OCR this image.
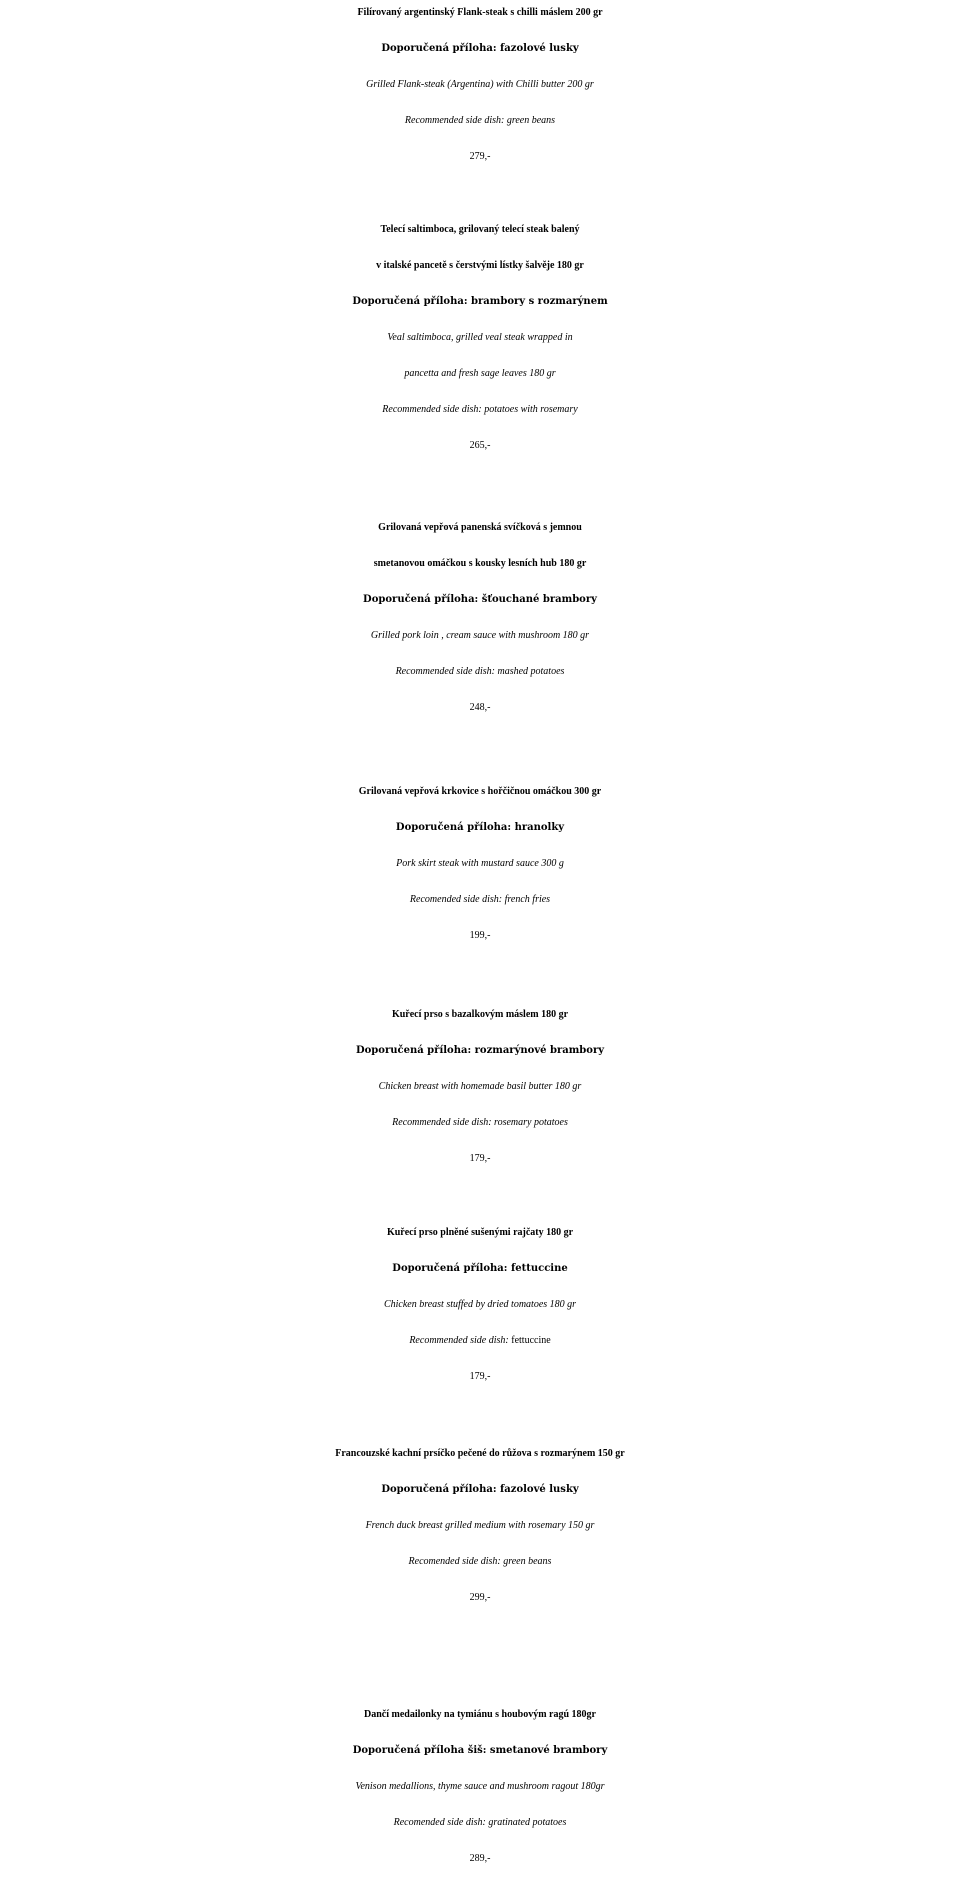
Filírovaný argentinský Flank-steak s chilli máslem 200 gr
Doporučená příloha: fazolové lusky
Grilled Flank-steak (Argentina) with Chilli butter 200 gr
Recommended side dish: green beans
279,-
Telecí saltimboca, grilovaný telecí steak balený
v italské pancetě s čerstvými lístky šalvěje 180 gr
Doporučená příloha: brambory s rozmarýnem
Veal saltimboca, grilled veal steak wrapped in
pancetta and fresh sage leaves 180 gr
Recommended side dish: potatoes with rosemary
265,-
Grilovaná vepřová panenská svíčková s jemnou
smetanovou omáčkou s kousky lesních hub 180 gr
Doporučená příloha: šťouchané brambory
Grilled pork loin , cream sauce with mushroom 180 gr
Recommended side dish: mashed potatoes
248,-
Grilovaná vepřová krkovice s hořčičnou omáčkou 300 gr
Doporučená příloha: hranolky
Pork skirt steak with mustard sauce 300 g
Recomended side dish: french fries
199,-
Kuřecí prso s bazalkovým máslem 180 gr
Doporučená příloha: rozmarýnové brambory
Chicken breast with homemade basil butter 180 gr
Recommended side dish: rosemary potatoes
179,-
Kuřecí prso plněné sušenými rajčaty 180 gr
Doporučená příloha: fettuccine
Chicken breast stuffed by dried tomatoes 180 gr
Recommended side dish: fettuccine
179,-
Francouzské kachní prsíčko pečené do růžova s rozmarýnem 150 gr
Doporučená příloha: fazolové lusky
French duck breast grilled medium with rosemary 150 gr
Recomended side dish: green beans
299,-
Dančí medailonky na tymiánu s houbovým ragú 180gr
Doporučená příloha šiš: smetanové brambory
Venison medallions, thyme sauce and mushroom ragout 180gr
Recomended side dish: gratinated potatoes
289,-
